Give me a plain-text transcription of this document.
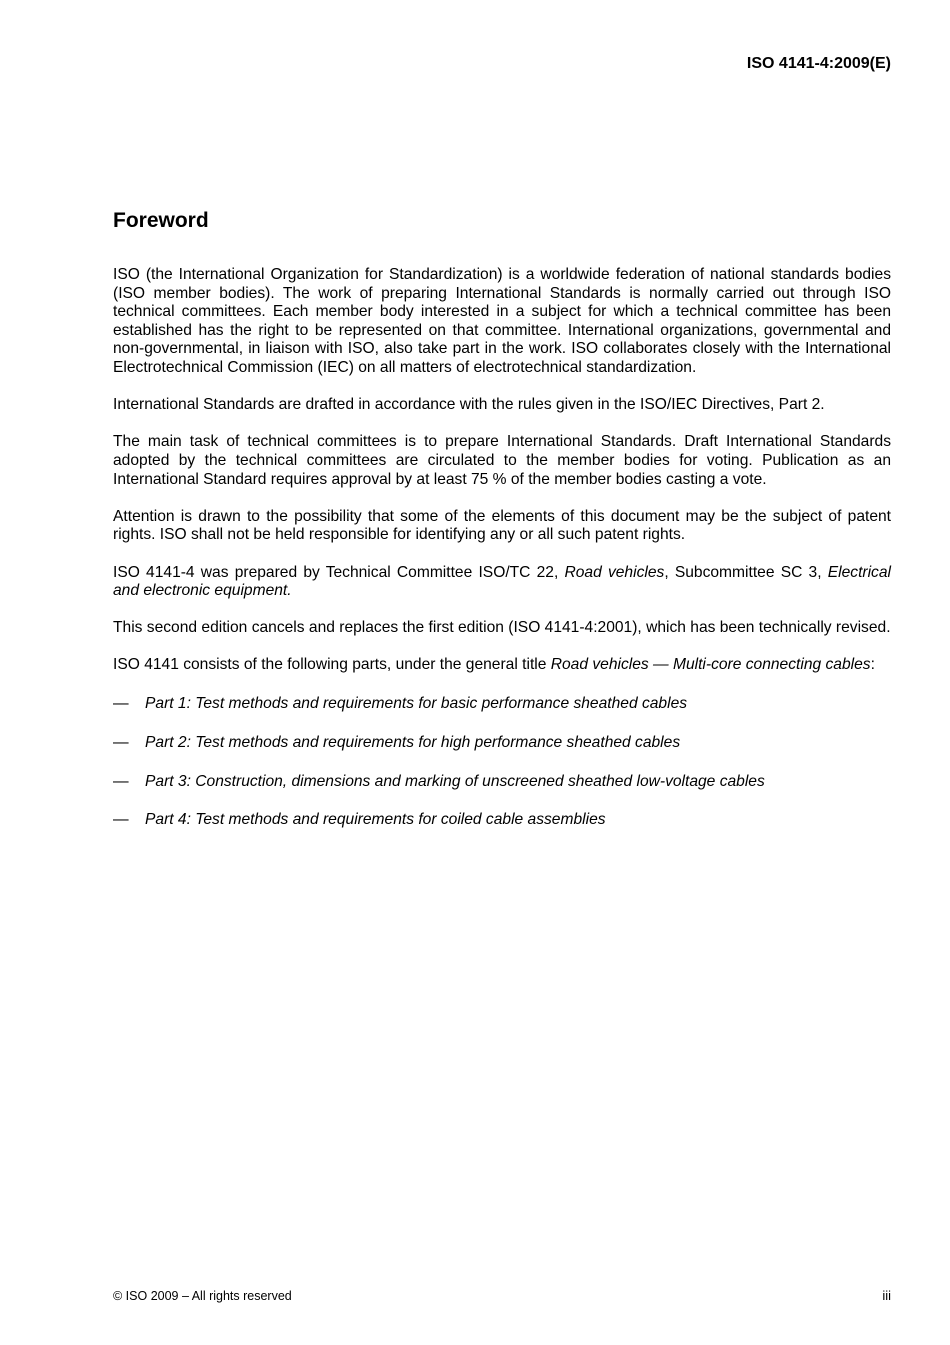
ISO 4141-4:2009(E)
Foreword

ISO (the International Organization for Standardization) is a worldwide federation of national standards bodies (ISO member bodies). The work of preparing International Standards is normally carried out through ISO technical committees. Each member body interested in a subject for which a technical committee has been established has the right to be represented on that committee. International organizations, governmental and non-governmental, in liaison with ISO, also take part in the work. ISO collaborates closely with the International Electrotechnical Commission (IEC) on all matters of electrotechnical standardization.

International Standards are drafted in accordance with the rules given in the ISO/IEC Directives, Part 2.

The main task of technical committees is to prepare International Standards. Draft International Standards adopted by the technical committees are circulated to the member bodies for voting. Publication as an International Standard requires approval by at least 75 % of the member bodies casting a vote.

Attention is drawn to the possibility that some of the elements of this document may be the subject of patent rights. ISO shall not be held responsible for identifying any or all such patent rights.

ISO 4141-4 was prepared by Technical Committee ISO/TC 22, Road vehicles, Subcommittee SC 3, Electrical and electronic equipment.

This second edition cancels and replaces the first edition (ISO 4141-4:2001), which has been technically revised.

ISO 4141 consists of the following parts, under the general title Road vehicles — Multi-core connecting cables:

— Part 1: Test methods and requirements for basic performance sheathed cables
— Part 2: Test methods and requirements for high performance sheathed cables
— Part 3: Construction, dimensions and marking of unscreened sheathed low-voltage cables
— Part 4: Test methods and requirements for coiled cable assemblies
© ISO 2009 – All rights reserved	iii
